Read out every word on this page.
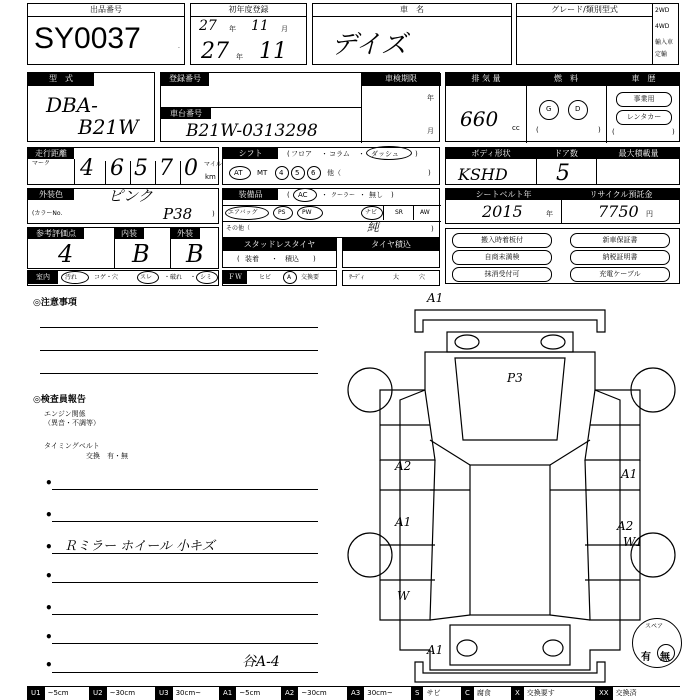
出品番号
SY0037	.
初年度登録
27 年 11 月
27 年 11
車　名
デイズ
グレード/類別型式	2WD
4WD
輸入車
定輸
型　式
DBA-
B21W
登録番号	車検期限
車台番号
B21W-0313298
年
月
排 気 量	燃　料	車　歴
660 cc
G	D
(	)
事業用
レンタカー
(	)
走行距離
マーク 4 6 5 7 0 マイル
km
シフト	( フロア ・ コラム ・ ダッシュ )
AT MT 4 5 6 他（	)
ボディ形状	ドア数	最大積載量
KSHD 5
外装色
(カラーNo.
ピンク
P38	)
装備品	( AC ・ クーラー ・ 無し )
エアバッグ	PS	PW	ナビ	SR	AW
その他（	純	)
シートベルト年	リサイクル預託金
2015	年	7750 円
参考評価点	内装	外装
4 B B	スタッドレスタイヤ
( 装着 ・ 積込 )
タイヤ積込	搬入時着板付	新車保証書
自商未満検	納税証明書
抹消受付可	充電ケーブル
室内	汚れ	コゲ・穴	スレ ・ 破れ ・ シミ	ＦＷ	ヒビ	A 交換要	ｻｰﾃﾞｨ	大	穴
◎注意事項
◎検査員報告
エンジン関係
（異音・不調等）
タイミングベルト
交換　有・無
•
•
• Ｒミラー ホイール 小キズ
•
•
•
•	谷A-4
A1
P3
A2
A1
A1	A2
W1
W
A1
スペア
有 無
U1 ~5cm	U2 ~30cm	U3 30cm~	A1 ~5cm	A2 ~30cm	A3 30cm~	S サビ	C 腐食	X 交換要す	XX 交換済
